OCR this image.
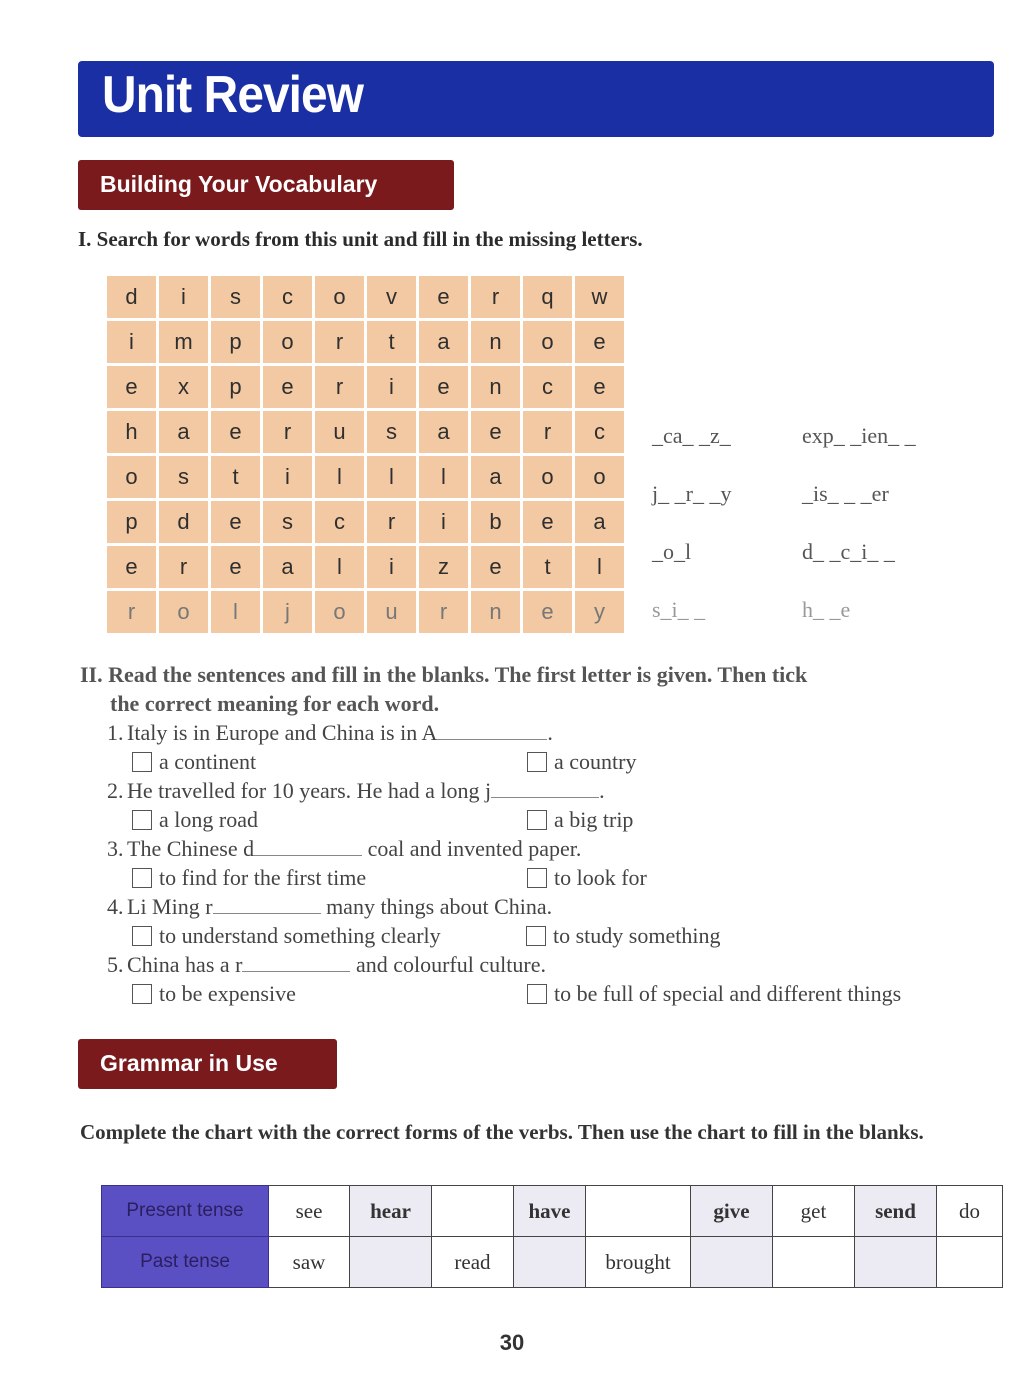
Unit Review
Building Your Vocabulary
I. Search for words from this unit and fill in the missing letters.
d	i	s	c	o	v	e	r	q	w
i	m	p	o	r	t	a	n	o	e
e	x	p	e	r	i	e	n	c	e
h	a	e	r	u	s	a	e	r	c
o	s	t	i	l	l	l	a	o	o
p	d	e	s	c	r	i	b	e	a
e	r	e	a	l	i	z	e	t	l
r	o	l	j	o	u	r	n	e	y
_ca_ _z_	exp_ _ien_ _
j_ _r_ _y	_is_ _ _er
_o_l	d_ _c_i_ _
s_i_ _	h_ _e
II. Read the sentences and fill in the blanks. The first letter is given. Then tick
the correct meaning for each word.
1. Italy is in Europe and China is in A	.
a continent	a country
2. He travelled for 10 years. He had a long j	.
a long road	a big trip
3. The Chinese d	coal and invented paper.
to find for the first time	to look for
4. Li Ming r	many things about China.
to understand something clearly	to study something
5. China has a r	and colourful culture.
to be expensive	to be full of special and different things
Grammar in Use
Complete the chart with the correct forms of the verbs. Then use the chart to fill in the blanks.
Present tense	see	hear		have		give	get	send	do
Past tense	saw		read		brought				
30
